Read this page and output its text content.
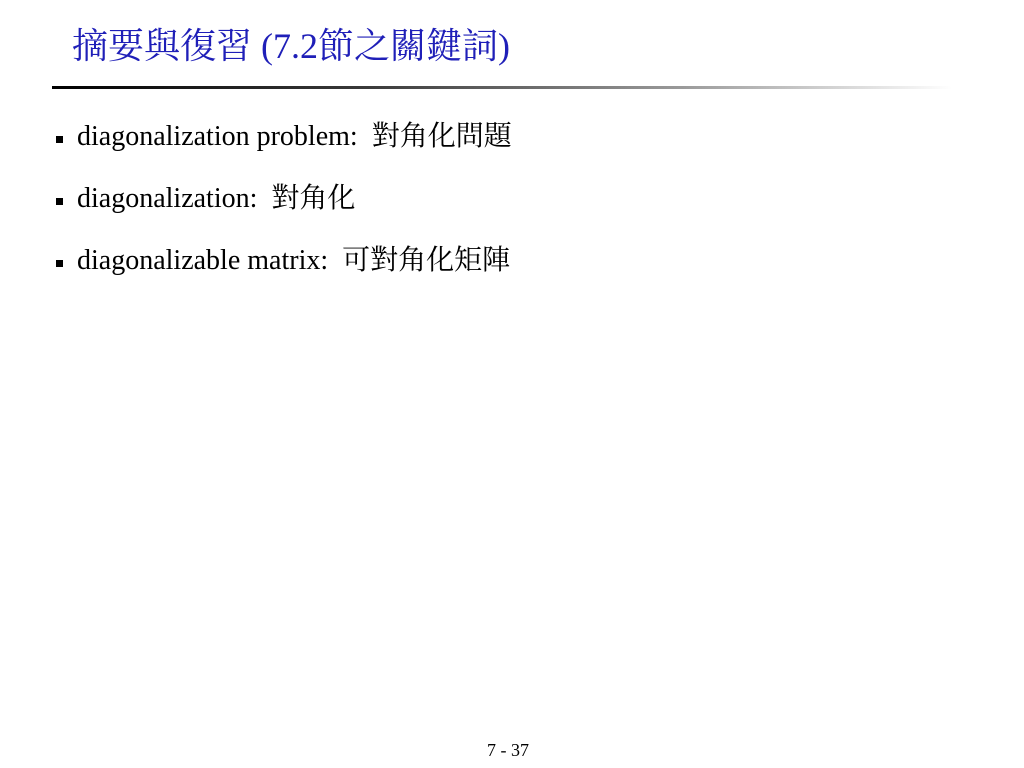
摘要與復習 (7.2節之關鍵詞)
diagonalization problem:  對角化問題
diagonalization:  對角化
diagonalizable matrix:  可對角化矩陣
7 - 37
